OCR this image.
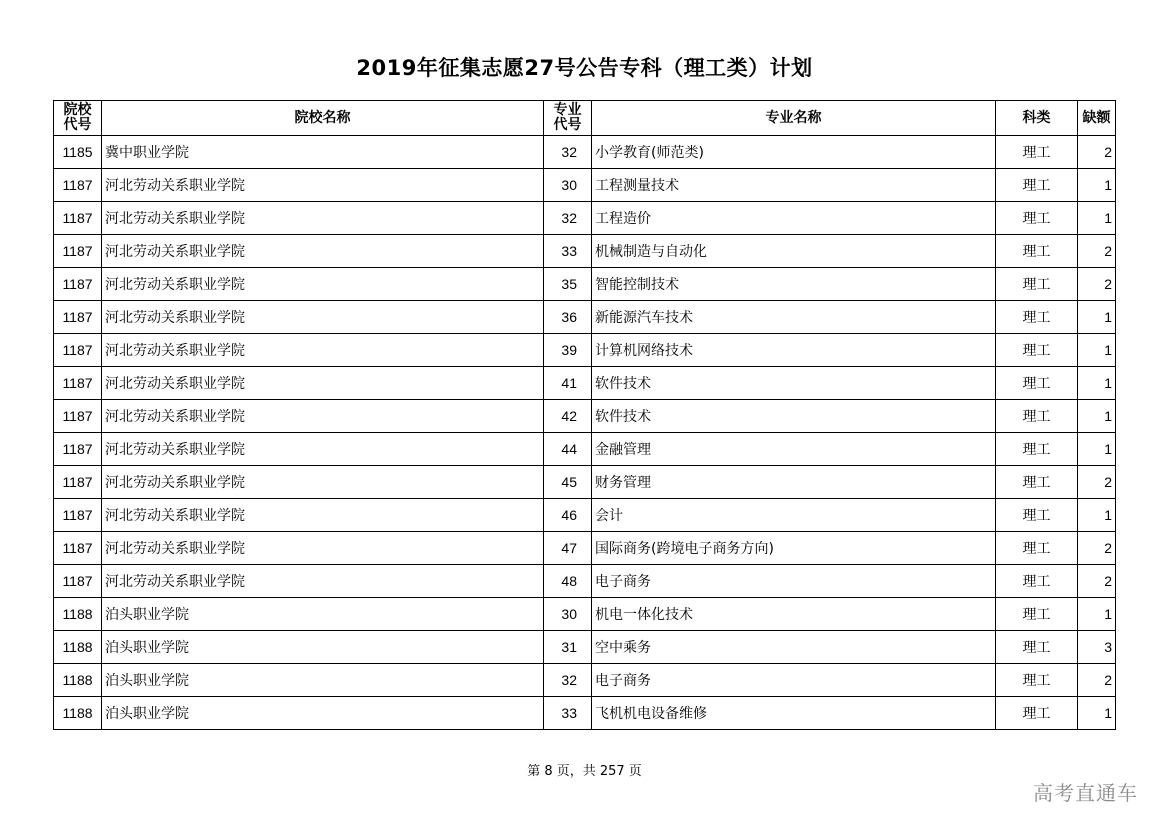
2019年征集志愿27号公告专科（理工类）计划
院校代号	院校名称	专业代号	专业名称	科类	缺额
1185	冀中职业学院	32	小学教育(师范类)	理工	2
1187	河北劳动关系职业学院	30	工程测量技术	理工	1
1187	河北劳动关系职业学院	32	工程造价	理工	1
1187	河北劳动关系职业学院	33	机械制造与自动化	理工	2
1187	河北劳动关系职业学院	35	智能控制技术	理工	2
1187	河北劳动关系职业学院	36	新能源汽车技术	理工	1
1187	河北劳动关系职业学院	39	计算机网络技术	理工	1
1187	河北劳动关系职业学院	41	软件技术	理工	1
1187	河北劳动关系职业学院	42	软件技术	理工	1
1187	河北劳动关系职业学院	44	金融管理	理工	1
1187	河北劳动关系职业学院	45	财务管理	理工	2
1187	河北劳动关系职业学院	46	会计	理工	1
1187	河北劳动关系职业学院	47	国际商务(跨境电子商务方向)	理工	2
1187	河北劳动关系职业学院	48	电子商务	理工	2
1188	泊头职业学院	30	机电一体化技术	理工	1
1188	泊头职业学院	31	空中乘务	理工	3
1188	泊头职业学院	32	电子商务	理工	2
1188	泊头职业学院	33	飞机机电设备维修	理工	1
第 8 页，共 257 页
高考直通车
